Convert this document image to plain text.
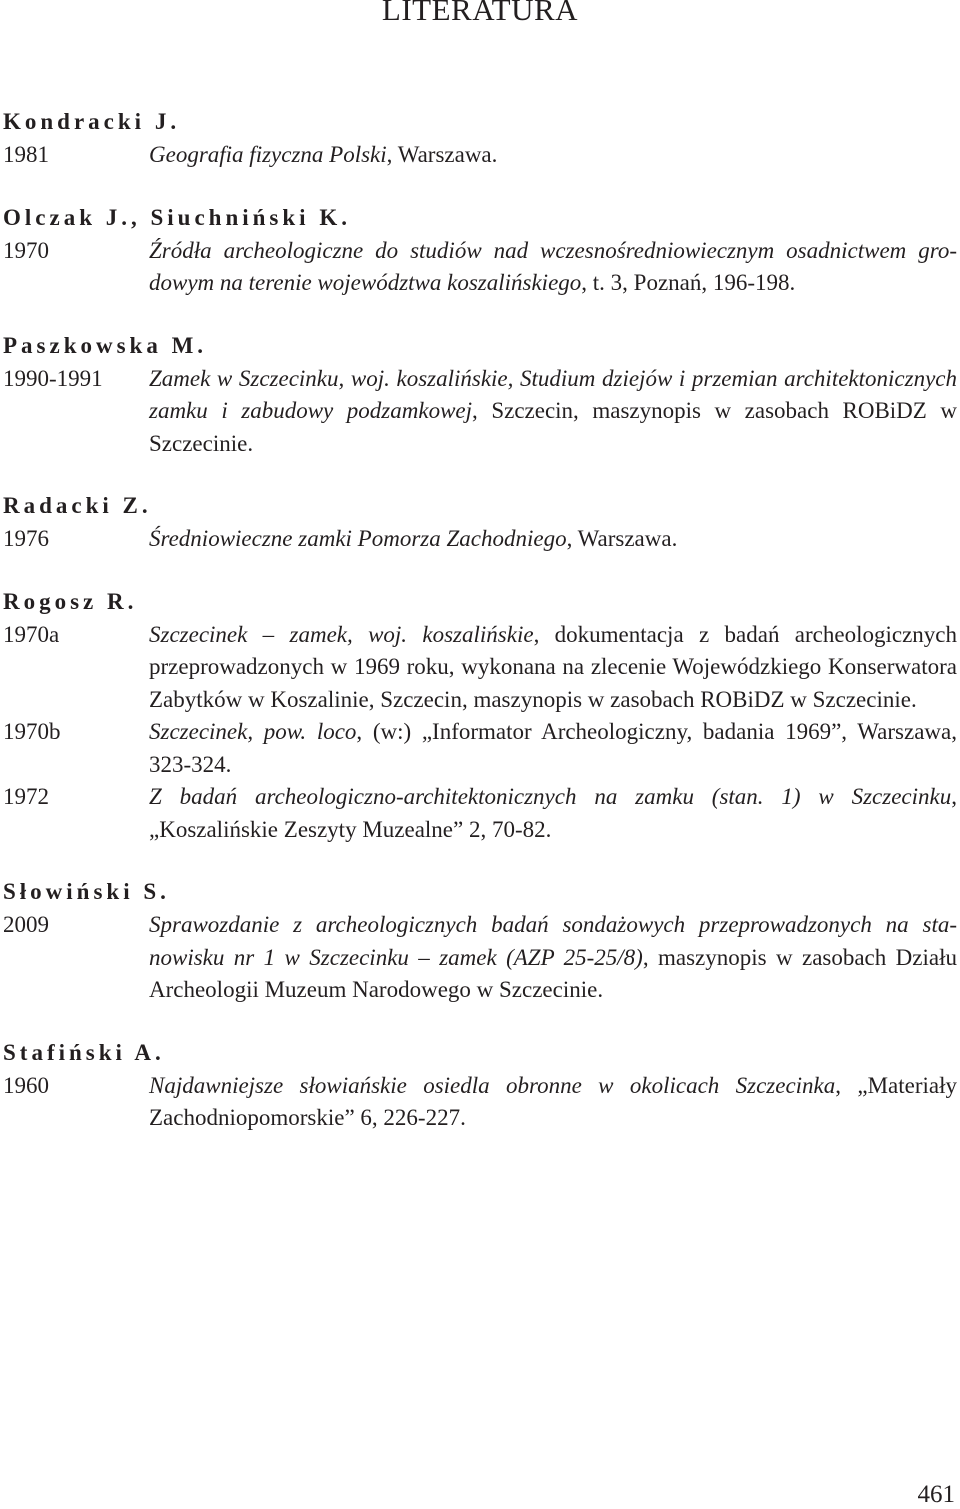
LITERATURA
Kondracki J.
1981	Geografia fizyczna Polski, Warszawa.
Olczak J., Siuchniński K.
1970	Źródła archeologiczne do studiów nad wczesnośredniowiecznym osadnictwem grodowym na terenie województwa koszalińskiego, t. 3, Poznań, 196-198.
Paszkowska M.
1990-1991	Zamek w Szczecinku, woj. koszalińskie, Studium dziejów i przemian architektonicznych zamku i zabudowy podzamkowej, Szczecin, maszynopis w zasobach ROBiDZ w Szczecinie.
Radacki Z.
1976	Średniowieczne zamki Pomorza Zachodniego, Warszawa.
Rogosz R.
1970a	Szczecinek – zamek, woj. koszalińskie, dokumentacja z badań archeologicznych przeprowadzonych w 1969 roku, wykonana na zlecenie Wojewódzkiego Konserwatora Zabytków w Koszalinie, Szczecin, maszynopis w zasobach ROBiDZ w Szczecinie.
1970b	Szczecinek, pow. loco, (w:) „Informator Archeologiczny, badania 1969”, Warszawa, 323-324.
1972	Z badań archeologiczno-architektonicznych na zamku (stan. 1) w Szczecinku, „Koszalińskie Zeszyty Muzealne” 2, 70-82.
Słowiński S.
2009	Sprawozdanie z archeologicznych badań sondażowych przeprowadzonych na stanowisku nr 1 w Szczecinku – zamek (AZP 25-25/8), maszynopis w zasobach Działu Archeologii Muzeum Narodowego w Szczecinie.
Stafiński A.
1960	Najdawniejsze słowiańskie osiedla obronne w okolicach Szczecinka, „Materiały Zachodniopomorskie” 6, 226-227.
461
